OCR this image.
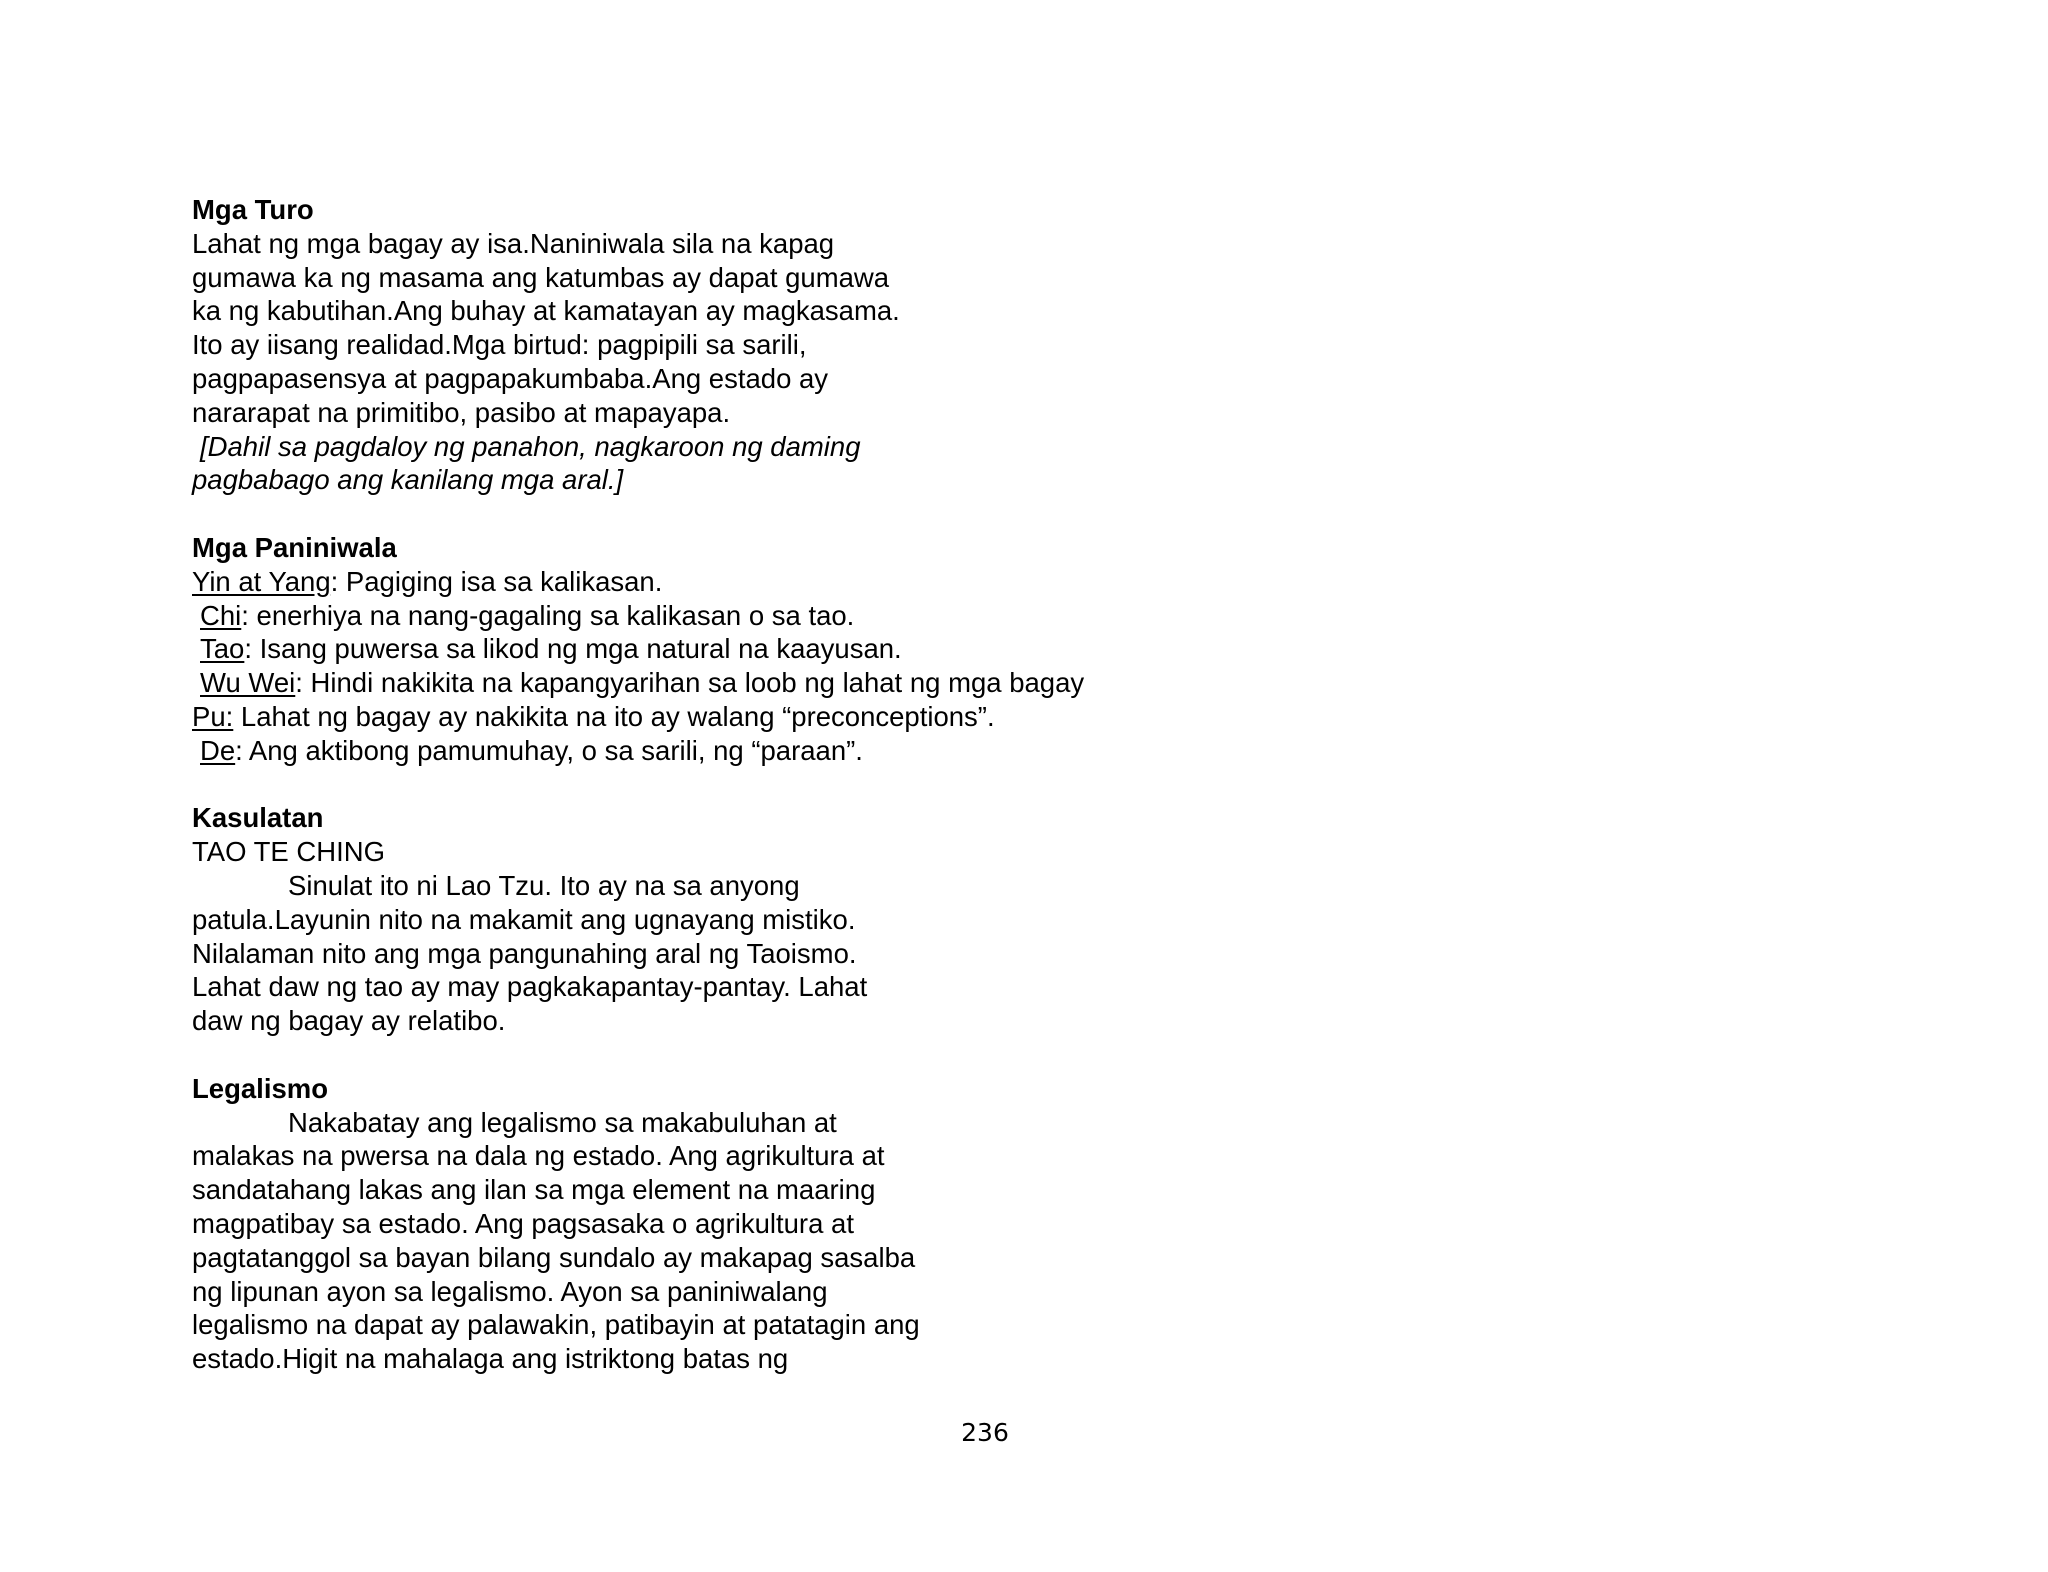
Mga Turo
Lahat ng mga bagay ay isa.Naniniwala sila na kapag
gumawa ka ng masama ang katumbas ay dapat gumawa
ka ng kabutihan.Ang buhay at kamatayan ay magkasama.
Ito ay iisang realidad.Mga birtud: pagpipili sa sarili,
pagpapasensya at pagpapakumbaba.Ang estado ay
nararapat na primitibo, pasibo at mapayapa.
[Dahil sa pagdaloy ng panahon, nagkaroon ng daming
pagbabago ang kanilang mga aral.]
Mga Paniniwala
Yin at Yang: Pagiging isa sa kalikasan.
Chi: enerhiya na nang-gagaling sa kalikasan o sa tao.
Tao: Isang puwersa sa likod ng mga natural na kaayusan.
Wu Wei: Hindi nakikita na kapangyarihan sa loob ng lahat ng mga bagay
Pu: Lahat ng bagay ay nakikita na ito ay walang “preconceptions”.
De: Ang aktibong pamumuhay, o sa sarili, ng “paraan”.
Kasulatan
TAO TE CHING
Sinulat ito ni Lao Tzu. Ito ay na sa anyong
patula.Layunin nito na makamit ang ugnayang mistiko.
Nilalaman nito ang mga pangunahing aral ng Taoismo.
Lahat daw ng tao ay may pagkakapantay-pantay. Lahat
daw ng bagay ay relatibo.
Legalismo
Nakabatay ang legalismo sa makabuluhan at
malakas na pwersa na dala ng estado. Ang agrikultura at
sandatahang lakas ang ilan sa mga element na maaring
magpatibay sa estado. Ang pagsasaka o agrikultura at
pagtatanggol sa bayan bilang sundalo ay makapag sasalba
ng lipunan ayon sa legalismo. Ayon sa paniniwalang
legalismo na dapat ay palawakin, patibayin at patatagin ang
estado.Higit na mahalaga ang istriktong batas ng
236
